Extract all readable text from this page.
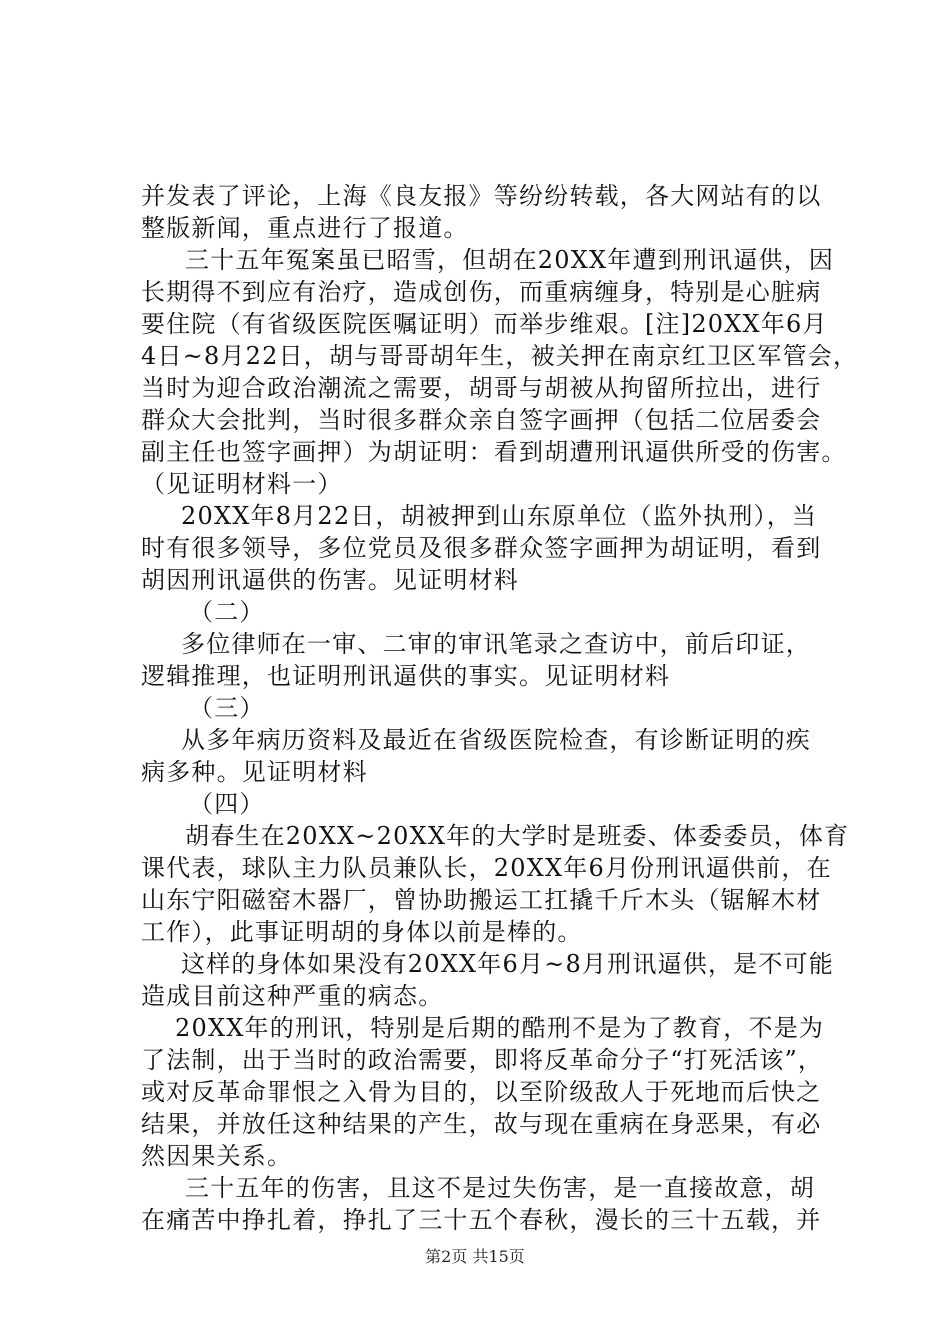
并发表了评论，上海《良友报》等纷纷转载，各大网站有的以
整版新闻，重点进行了报道。
三十五年冤案虽已昭雪，但胡在20XX年遭到刑讯逼供，因
长期得不到应有治疗，造成创伤，而重病缠身，特别是心脏病
要住院（有省级医院医嘱证明）而举步维艰。[注]20XX年6月
4日~8月22日，胡与哥哥胡年生，被关押在南京红卫区军管会，
当时为迎合政治潮流之需要，胡哥与胡被从拘留所拉出，进行
群众大会批判，当时很多群众亲自签字画押（包括二位居委会
副主任也签字画押）为胡证明：看到胡遭刑讯逼供所受的伤害。
（见证明材料一）
20XX年8月22日，胡被押到山东原单位（监外执刑），当
时有很多领导，多位党员及很多群众签字画押为胡证明，看到
胡因刑讯逼供的伤害。见证明材料
（二）
多位律师在一审、二审的审讯笔录之查访中，前后印证，
逻辑推理，也证明刑讯逼供的事实。见证明材料
（三）
从多年病历资料及最近在省级医院检查，有诊断证明的疾
病多种。见证明材料
（四）
胡春生在20XX~20XX年的大学时是班委、体委委员，体育
课代表，球队主力队员兼队长，20XX年6月份刑讯逼供前，在
山东宁阳磁窑木器厂，曾协助搬运工扛撬千斤木头（锯解木材
工作），此事证明胡的身体以前是棒的。
这样的身体如果没有20XX年6月~8月刑讯逼供，是不可能
造成目前这种严重的病态。
20XX年的刑讯，特别是后期的酷刑不是为了教育，不是为
了法制，出于当时的政治需要，即将反革命分子“打死活该”，
或对反革命罪恨之入骨为目的，以至阶级敌人于死地而后快之
结果，并放任这种结果的产生，故与现在重病在身恶果，有必
然因果关系。
三十五年的伤害，且这不是过失伤害，是一直接故意，胡
在痛苦中挣扎着，挣扎了三十五个春秋，漫长的三十五载，并
第2页 共15页
